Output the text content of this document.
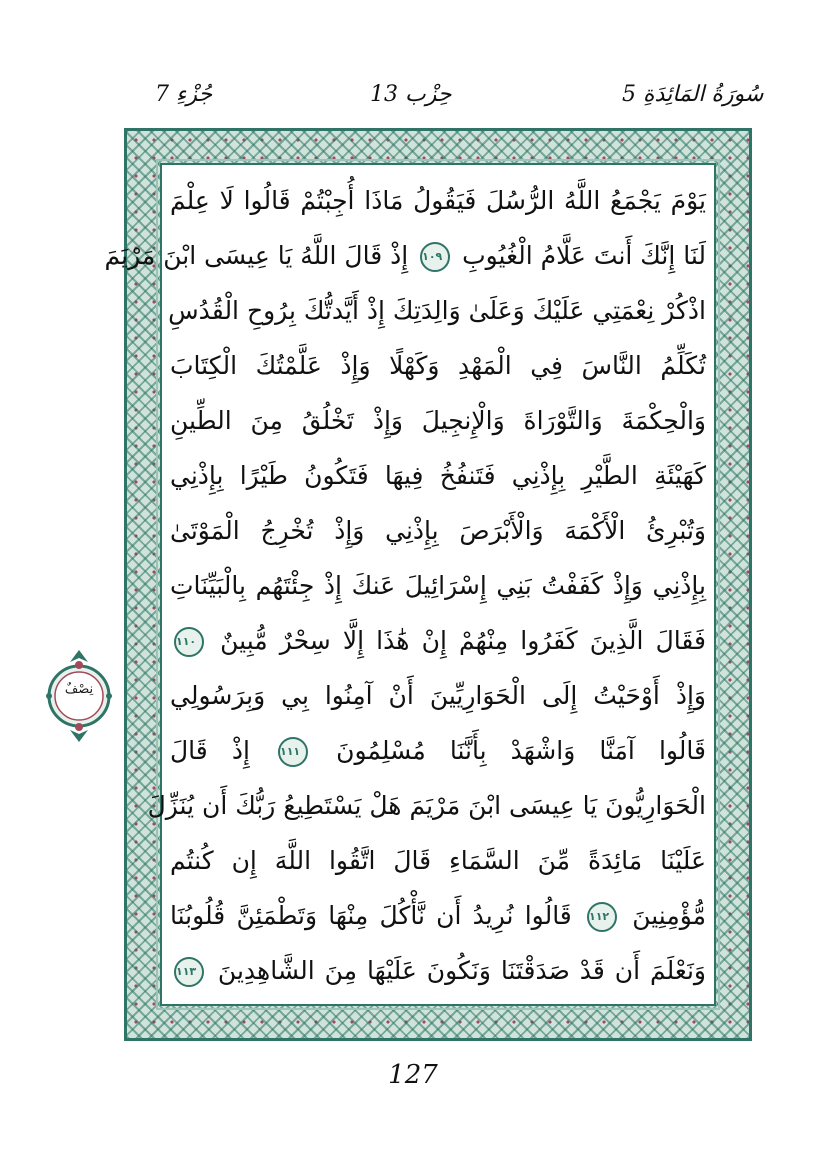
جُزْءِ 7	حِزْب 13	5 سُورَةُ المَائِدَةِ
يَوْمَ يَجْمَعُ اللَّهُ الرُّسُلَ فَيَقُولُ مَاذَا أُجِبْتُمْ قَالُوا لَا عِلْمَ
لَنَا إِنَّكَ أَنتَ عَلَّامُ الْغُيُوبِ ١٠٩ إِذْ قَالَ اللَّهُ يَا عِيسَى ابْنَ مَرْيَمَ
اذْكُرْ نِعْمَتِي عَلَيْكَ وَعَلَىٰ وَالِدَتِكَ إِذْ أَيَّدتُّكَ بِرُوحِ الْقُدُسِ
تُكَلِّمُ النَّاسَ فِي الْمَهْدِ وَكَهْلًا وَإِذْ عَلَّمْتُكَ الْكِتَابَ
وَالْحِكْمَةَ وَالتَّوْرَاةَ وَالْإِنجِيلَ وَإِذْ تَخْلُقُ مِنَ الطِّينِ
كَهَيْئَةِ الطَّيْرِ بِإِذْنِي فَتَنفُخُ فِيهَا فَتَكُونُ طَيْرًا بِإِذْنِي
وَتُبْرِئُ الْأَكْمَهَ وَالْأَبْرَصَ بِإِذْنِي وَإِذْ تُخْرِجُ الْمَوْتَىٰ
بِإِذْنِي وَإِذْ كَفَفْتُ بَنِي إِسْرَائِيلَ عَنكَ إِذْ جِئْتَهُم بِالْبَيِّنَاتِ
فَقَالَ الَّذِينَ كَفَرُوا مِنْهُمْ إِنْ هَٰذَا إِلَّا سِحْرٌ مُّبِينٌ ١١٠
وَإِذْ أَوْحَيْتُ إِلَى الْحَوَارِيِّينَ أَنْ آمِنُوا بِي وَبِرَسُولِي
قَالُوا آمَنَّا وَاشْهَدْ بِأَنَّنَا مُسْلِمُونَ ١١١ إِذْ قَالَ
الْحَوَارِيُّونَ يَا عِيسَى ابْنَ مَرْيَمَ هَلْ يَسْتَطِيعُ رَبُّكَ أَن يُنَزِّلَ
عَلَيْنَا مَائِدَةً مِّنَ السَّمَاءِ قَالَ اتَّقُوا اللَّهَ إِن كُنتُم
مُّؤْمِنِينَ ١١٢ قَالُوا نُرِيدُ أَن نَّأْكُلَ مِنْهَا وَتَطْمَئِنَّ قُلُوبُنَا
وَنَعْلَمَ أَن قَدْ صَدَقْتَنَا وَنَكُونَ عَلَيْهَا مِنَ الشَّاهِدِينَ ١١٣
نِصْفٌ
127
